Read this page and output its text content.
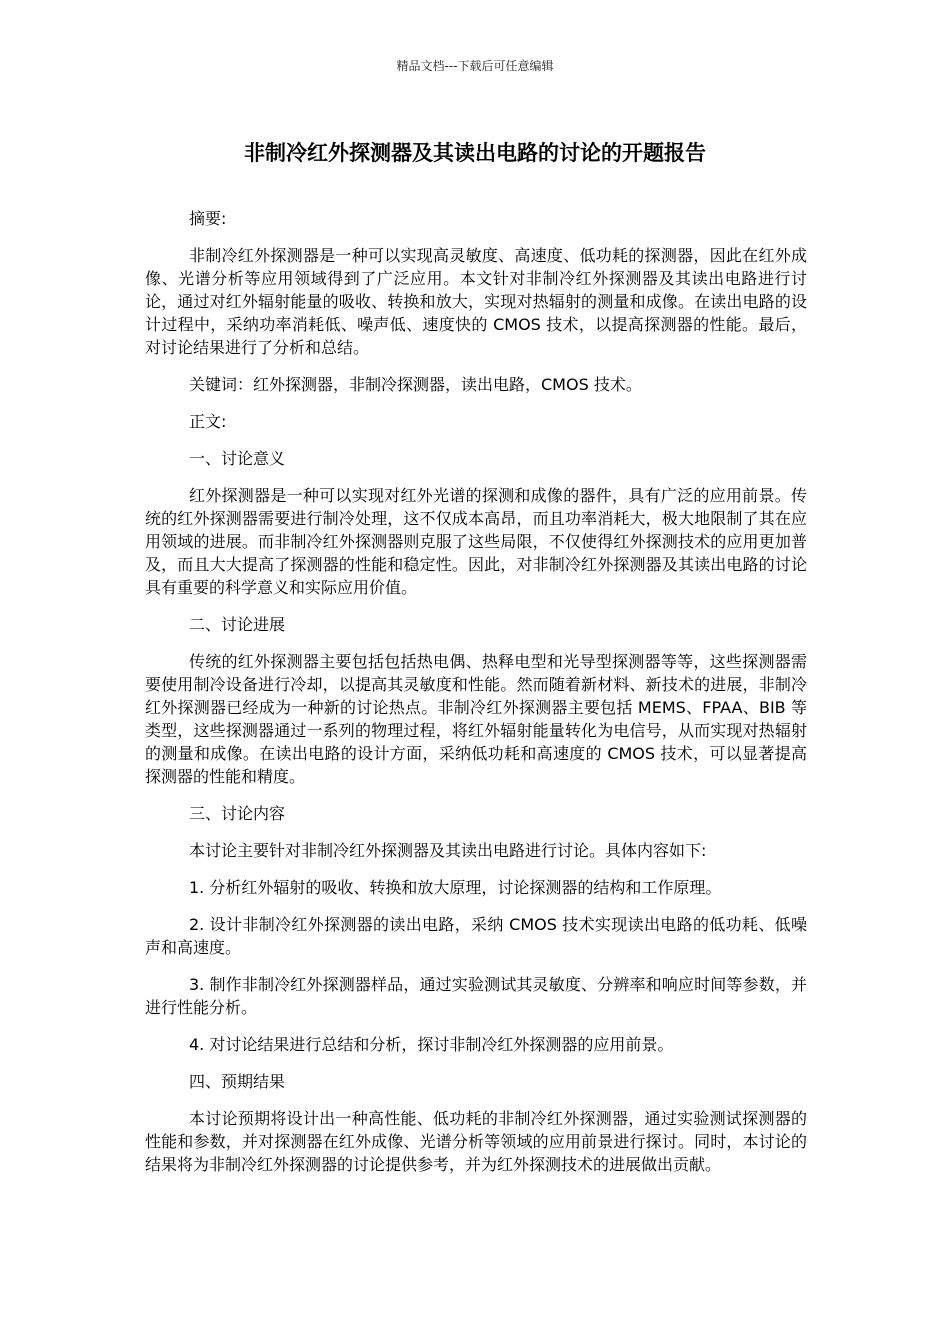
精品文档---下载后可任意编辑
非制冷红外探测器及其读出电路的讨论的开题报告

摘要:

非制冷红外探测器是一种可以实现高灵敏度、高速度、低功耗的探测器，因此在红外成像、光谱分析等应用领域得到了广泛应用。本文针对非制冷红外探测器及其读出电路进行讨论，通过对红外辐射能量的吸收、转换和放大，实现对热辐射的测量和成像。在读出电路的设计过程中，采纳功率消耗低、噪声低、速度快的 CMOS 技术，以提高探测器的性能。最后，对讨论结果进行了分析和总结。

关键词：红外探测器，非制冷探测器，读出电路，CMOS 技术。

正文:

一、讨论意义

红外探测器是一种可以实现对红外光谱的探测和成像的器件，具有广泛的应用前景。传统的红外探测器需要进行制冷处理，这不仅成本高昂，而且功率消耗大，极大地限制了其在应用领域的进展。而非制冷红外探测器则克服了这些局限，不仅使得红外探测技术的应用更加普及，而且大大提高了探测器的性能和稳定性。因此，对非制冷红外探测器及其读出电路的讨论具有重要的科学意义和实际应用价值。

二、讨论进展

传统的红外探测器主要包括包括热电偶、热释电型和光导型探测器等等，这些探测器需要使用制冷设备进行冷却，以提高其灵敏度和性能。然而随着新材料、新技术的进展，非制冷红外探测器已经成为一种新的讨论热点。非制冷红外探测器主要包括 MEMS、FPAA、BIB 等类型，这些探测器通过一系列的物理过程，将红外辐射能量转化为电信号，从而实现对热辐射的测量和成像。在读出电路的设计方面，采纳低功耗和高速度的 CMOS 技术，可以显著提高探测器的性能和精度。

三、讨论内容

本讨论主要针对非制冷红外探测器及其读出电路进行讨论。具体内容如下:

1. 分析红外辐射的吸收、转换和放大原理，讨论探测器的结构和工作原理。

2. 设计非制冷红外探测器的读出电路，采纳 CMOS 技术实现读出电路的低功耗、低噪声和高速度。

3. 制作非制冷红外探测器样品，通过实验测试其灵敏度、分辨率和响应时间等参数，并进行性能分析。

4. 对讨论结果进行总结和分析，探讨非制冷红外探测器的应用前景。

四、预期结果

本讨论预期将设计出一种高性能、低功耗的非制冷红外探测器，通过实验测试探测器的性能和参数，并对探测器在红外成像、光谱分析等领域的应用前景进行探讨。同时，本讨论的结果将为非制冷红外探测器的讨论提供参考，并为红外探测技术的进展做出贡献。
